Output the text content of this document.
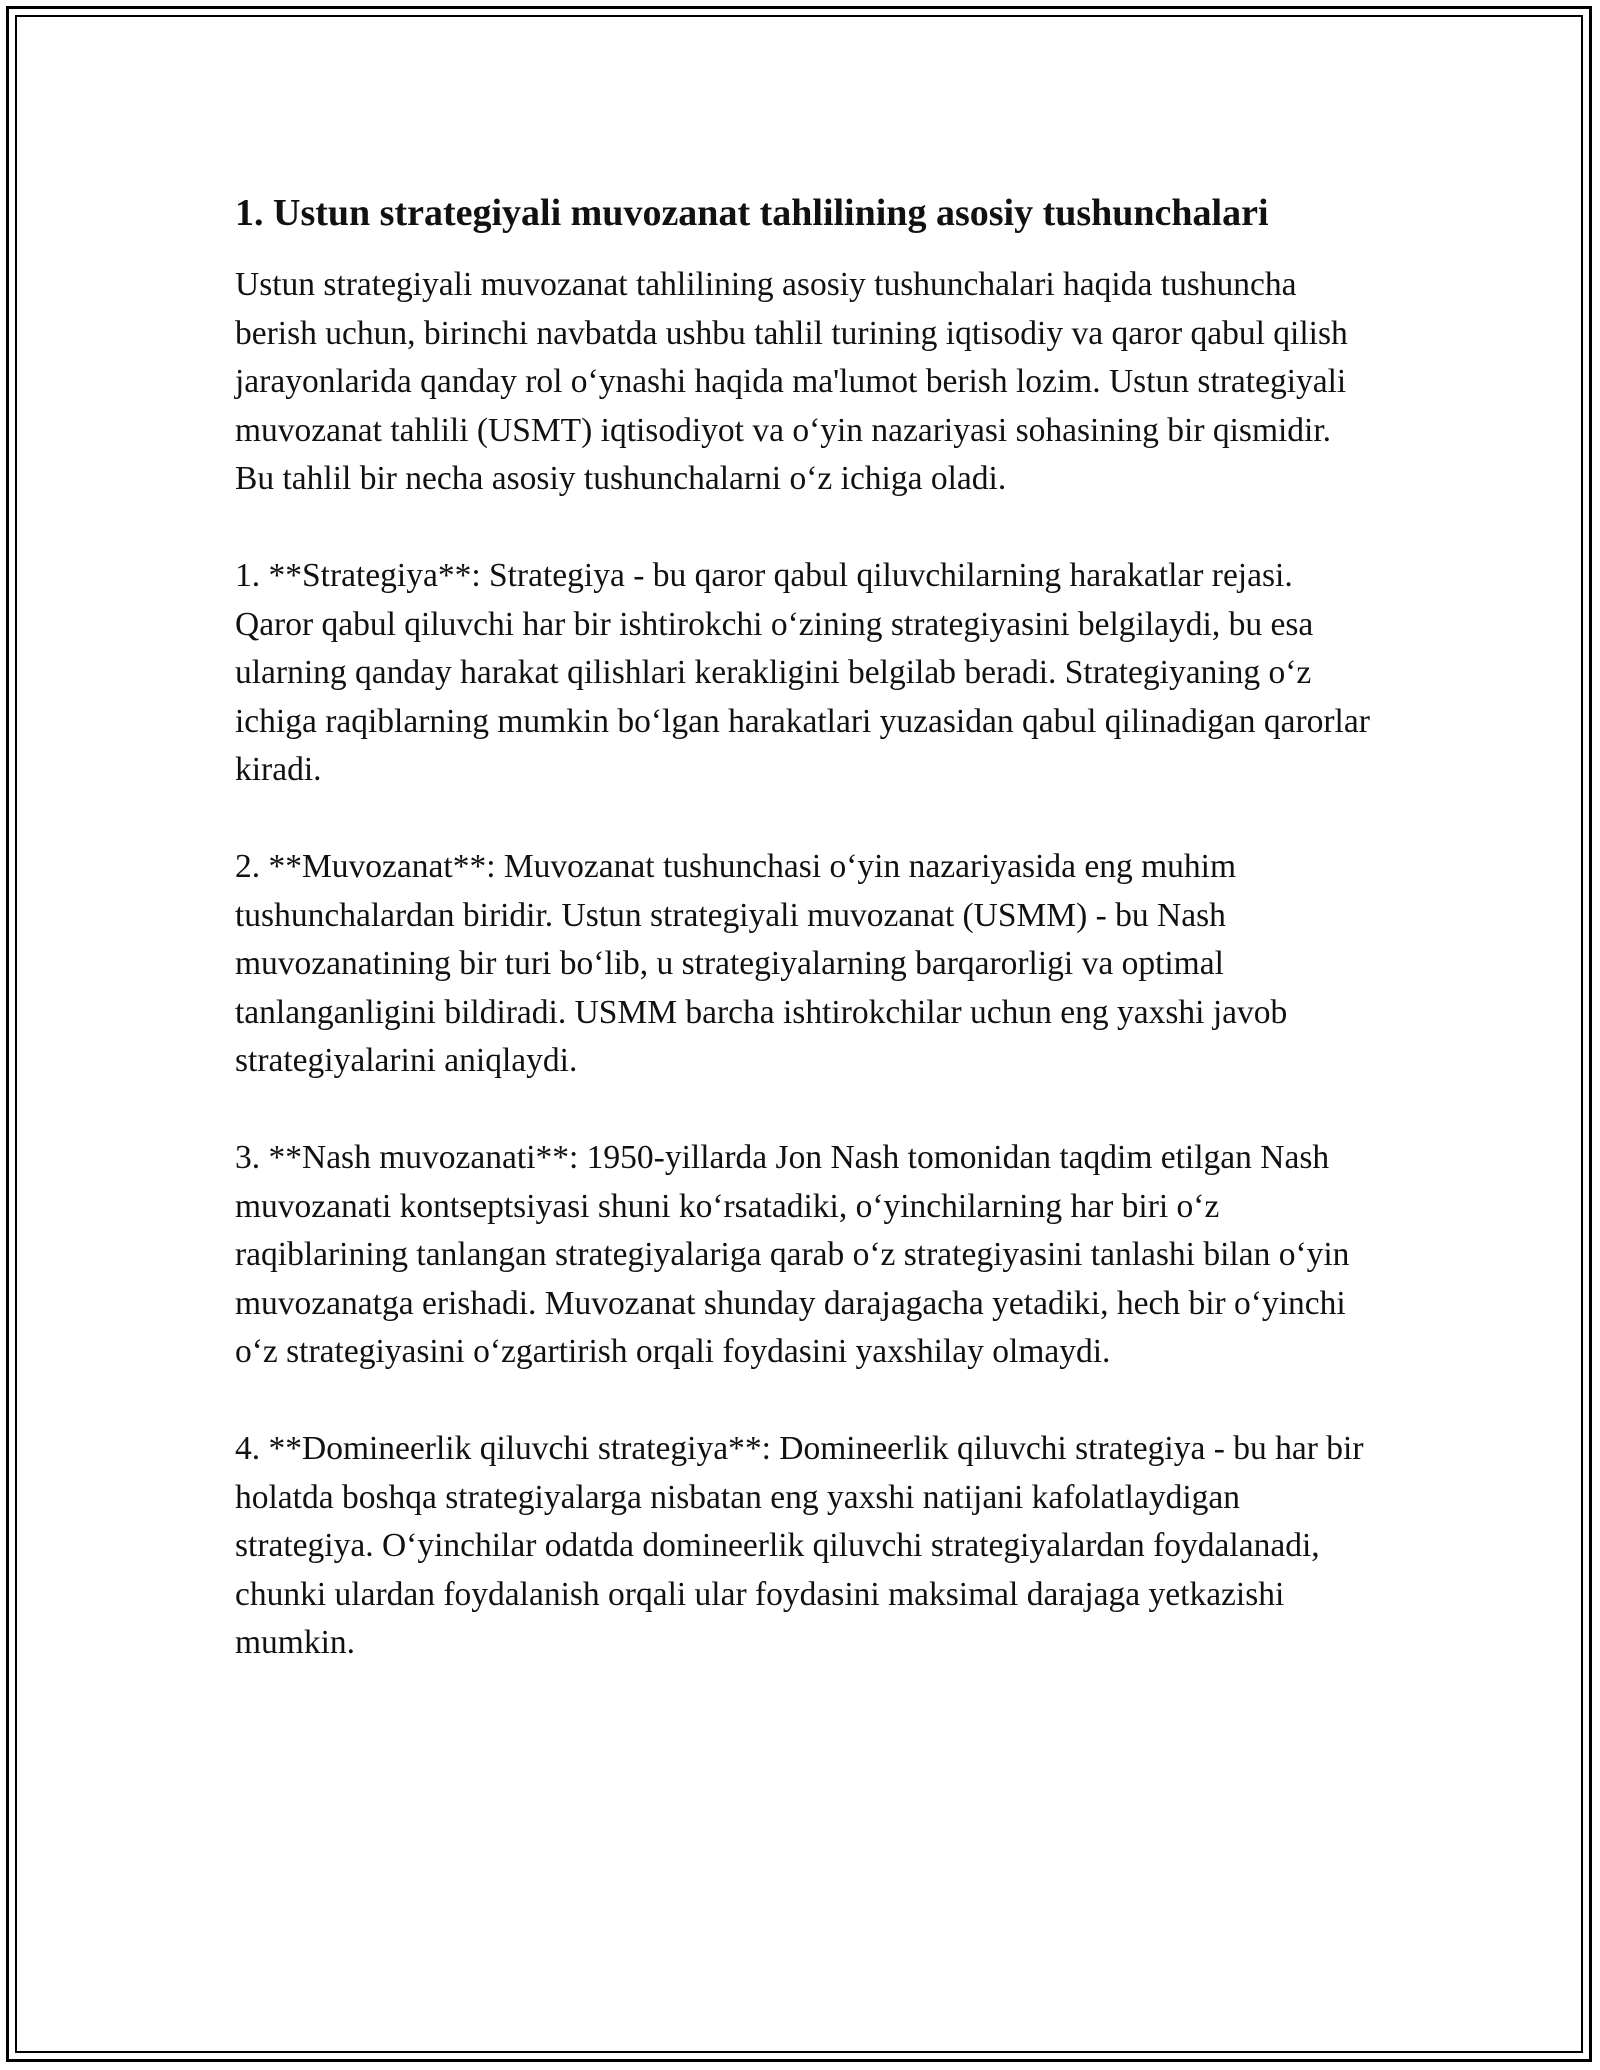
1. Ustun strategiyali muvozanat tahlilining asosiy tushunchalari

Ustun strategiyali muvozanat tahlilining asosiy tushunchalari haqida tushuncha berish uchun, birinchi navbatda ushbu tahlil turining iqtisodiy va qaror qabul qilish jarayonlarida qanday rol oʻynashi haqida ma'lumot berish lozim. Ustun strategiyali muvozanat tahlili (USMT) iqtisodiyot va oʻyin nazariyasi sohasining bir qismidir. Bu tahlil bir necha asosiy tushunchalarni oʻz ichiga oladi.

1. **Strategiya**: Strategiya - bu qaror qabul qiluvchilarning harakatlar rejasi. Qaror qabul qiluvchi har bir ishtirokchi oʻzining strategiyasini belgilaydi, bu esa ularning qanday harakat qilishlari kerakligini belgilab beradi. Strategiyaning oʻz ichiga raqiblarning mumkin boʻlgan harakatlari yuzasidan qabul qilinadigan qarorlar kiradi.

2. **Muvozanat**: Muvozanat tushunchasi oʻyin nazariyasida eng muhim tushunchalardan biridir. Ustun strategiyali muvozanat (USMM) - bu Nash muvozanatining bir turi boʻlib, u strategiyalarning barqarorligi va optimal tanlanganligini bildiradi. USMM barcha ishtirokchilar uchun eng yaxshi javob strategiyalarini aniqlaydi.

3. **Nash muvozanati**: 1950-yillarda Jon Nash tomonidan taqdim etilgan Nash muvozanati kontseptsiyasi shuni koʻrsatadiki, oʻyinchilarning har biri oʻz raqiblarining tanlangan strategiyalariga qarab oʻz strategiyasini tanlashi bilan oʻyin muvozanatga erishadi. Muvozanat shunday darajagacha yetadiki, hech bir oʻyinchi oʻz strategiyasini oʻzgartirish orqali foydasini yaxshilay olmaydi.

4. **Domineerlik qiluvchi strategiya**: Domineerlik qiluvchi strategiya - bu har bir holatda boshqa strategiyalarga nisbatan eng yaxshi natijani kafolatlaydigan strategiya. Oʻyinchilar odatda domineerlik qiluvchi strategiyalardan foydalanadi, chunki ulardan foydalanish orqali ular foydasini maksimal darajaga yetkazishi mumkin.
